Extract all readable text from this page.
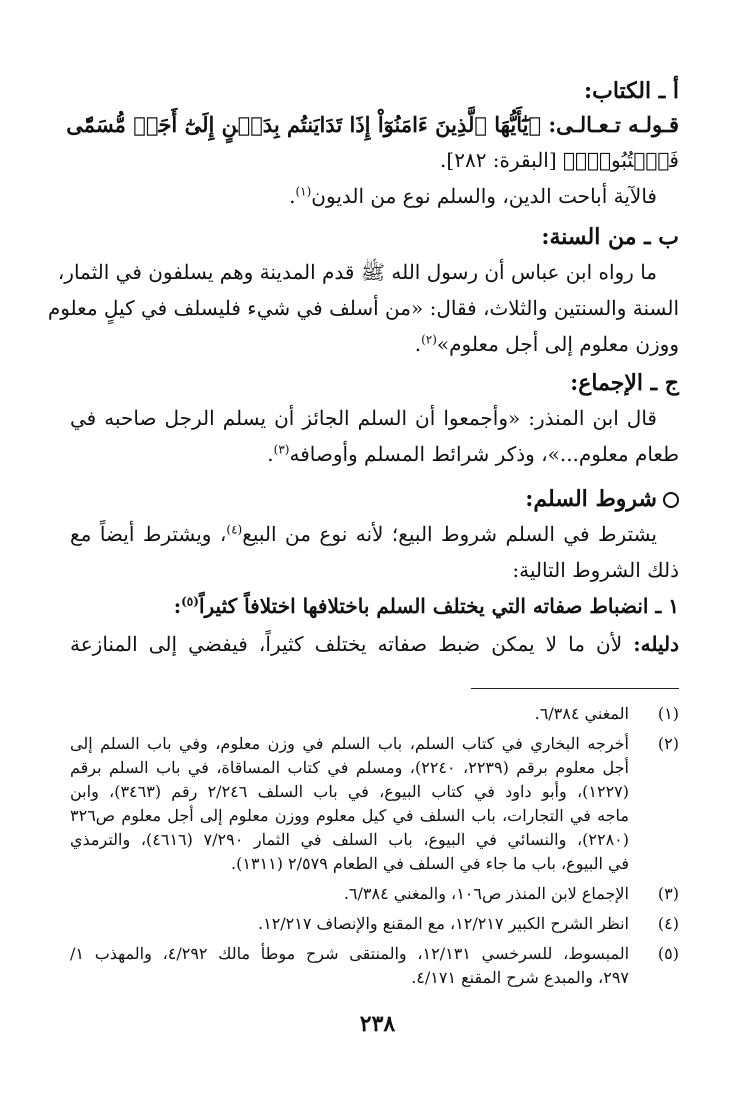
أ ـ الكتاب:
قـولـه تـعـالـى: ﴿يَٰٓأَيُّهَا ٱلَّذِينَ ءَامَنُوٓاْ إِذَا تَدَايَنتُم بِدَيۡنٍ إِلَىٰٓ أَجَلٖ مُّسَمّٗى
فَٱكۡتُبُوهُۚ﴾ [البقرة: ٢٨٢].
فالآية أباحت الدين، والسلم نوع من الديون$^{(١)}$.
ب ـ من السنة:
ما رواه ابن عباس أن رسول الله ﷺ قدم المدينة وهم يسلفون في الثمار،
السنة والسنتين والثلاث، فقال: «من أسلف في شيء فليسلف في كيلٍ معلوم
ووزن معلوم إلى أجل معلوم»$^{(٢)}$.
ج ـ الإجماع:
قال ابن المنذر: «وأجمعوا أن السلم الجائز أن يسلم الرجل صاحبه في
طعام معلوم...»، وذكر شرائط المسلم وأوصافه$^{(٣)}$.
شروط السلم:
يشترط في السلم شروط البيع؛ لأنه نوع من البيع$^{(٤)}$، ويشترط أيضاً مع
ذلك الشروط التالية:
١ ـ انضباط صفاته التي يختلف السلم باختلافها اختلافاً كثيراً$^{(٥)}$:
دليله: لأن ما لا يمكن ضبط صفاته يختلف كثيراً، فيفضي إلى المنازعة
(١)
المغني ٦/٣٨٤.
(٢)
أخرجه البخاري في كتاب السلم، باب السلم في وزن معلوم، وفي باب السلم إلى
أجل معلوم برقم (٢٢٣٩، ٢٢٤٠)، ومسلم في كتاب المساقاة، في باب السلم برقم
(١٢٢٧)، وأبو داود في كتاب البيوع، في باب السلف ٢/٢٤٦ رقم (٣٤٦٣)، وابن
ماجه في التجارات، باب السلف في كيل معلوم ووزن معلوم إلى أجل معلوم ص٣٢٦
(٢٢٨٠)، والنسائي في البيوع، باب السلف في الثمار ٧/٢٩٠ (٤٦١٦)، والترمذي
في البيوع، باب ما جاء في السلف في الطعام ٢/٥٧٩ (١٣١١).
(٣)
الإجماع لابن المنذر ص١٠٦، والمغني ٦/٣٨٤.
(٤)
انظر الشرح الكبير ١٢/٢١٧، مع المقنع والإنصاف ١٢/٢١٧.
(٥)
المبسوط، للسرخسي ١٢/١٣١، والمنتقى شرح موطأ مالك ٤/٢٩٢، والمهذب ١/
٢٩٧، والمبدع شرح المقنع ٤/١٧١.
٢٣٨
